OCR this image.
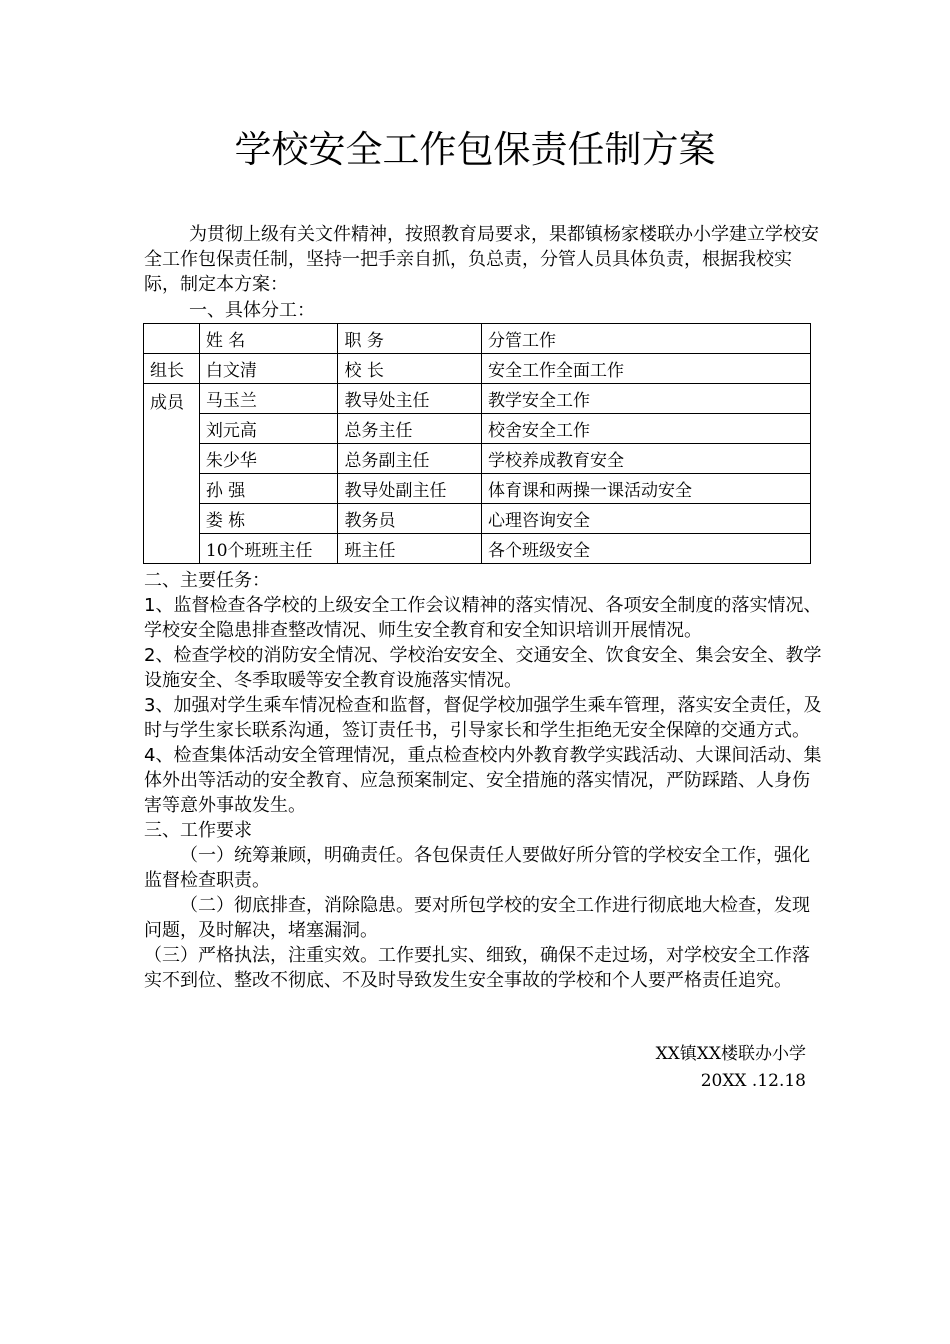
学校安全工作包保责任制方案

为贯彻上级有关文件精神，按照教育局要求，果都镇杨家楼联办小学建立学校安全工作包保责任制，坚持一把手亲自抓，负总责，分管人员具体负责，根据我校实际，制定本方案：

一、具体分工：

	姓 名	职 务	分管工作
组长	白文清	校 长	安全工作全面工作
成员	马玉兰	教导处主任	教学安全工作
	刘元高	总务主任	校舍安全工作
	朱少华	总务副主任	学校养成教育安全
	孙 强	教导处副主任	体育课和两操一课活动安全
	娄 栋	教务员	心理咨询安全
	10个班班主任	班主任	各个班级安全

二、主要任务：

1、监督检查各学校的上级安全工作会议精神的落实情况、各项安全制度的落实情况、学校安全隐患排查整改情况、师生安全教育和安全知识培训开展情况。

2、检查学校的消防安全情况、学校治安安全、交通安全、饮食安全、集会安全、教学设施安全、冬季取暖等安全教育设施落实情况。

3、加强对学生乘车情况检查和监督，督促学校加强学生乘车管理，落实安全责任，及时与学生家长联系沟通，签订责任书，引导家长和学生拒绝无安全保障的交通方式。

4、检查集体活动安全管理情况，重点检查校内外教育教学实践活动、大课间活动、集体外出等活动的安全教育、应急预案制定、安全措施的落实情况，严防踩踏、人身伤害等意外事故发生。

三、工作要求

（一）统筹兼顾，明确责任。各包保责任人要做好所分管的学校安全工作，强化监督检查职责。

（二）彻底排查，消除隐患。要对所包学校的安全工作进行彻底地大检查，发现问题，及时解决，堵塞漏洞。

（三）严格执法，注重实效。工作要扎实、细致，确保不走过场，对学校安全工作落实不到位、整改不彻底、不及时导致发生安全事故的学校和个人要严格责任追究。

XX镇XX楼联办小学
20XX .12.18
